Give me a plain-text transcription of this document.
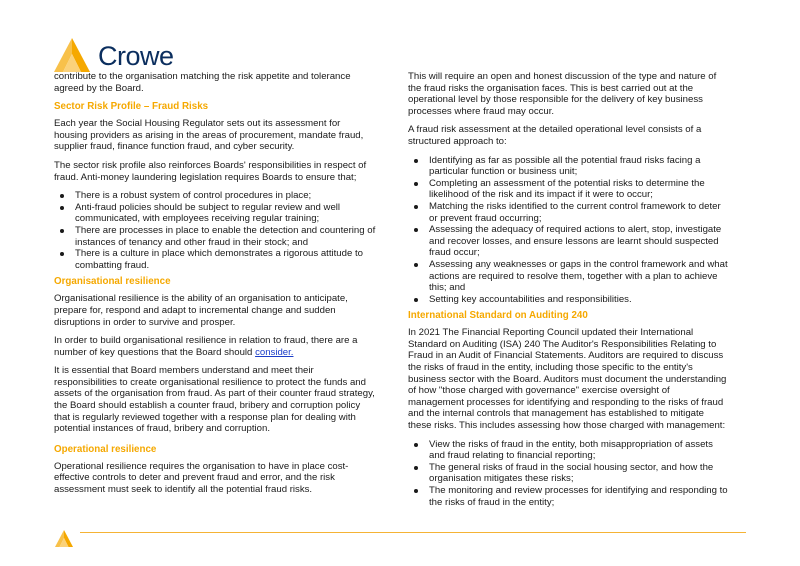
Crowe

contribute to the organisation matching the risk appetite and tolerance agreed by the Board.

Sector Risk Profile – Fraud Risks

Each year the Social Housing Regulator sets out its assessment for housing providers as arising in the areas of procurement, mandate fraud, supplier fraud, finance function fraud, and cyber security.

The sector risk profile also reinforces Boards' responsibilities in respect of fraud. Anti-money laundering legislation requires Boards to ensure that;

There is a robust system of control procedures in place;
Anti-fraud policies should be subject to regular review and well communicated, with employees receiving regular training;
There are processes in place to enable the detection and countering of instances of tenancy and other fraud in their stock; and
There is a culture in place which demonstrates a rigorous attitude to combatting fraud.
Organisational resilience

Organisational resilience is the ability of an organisation to anticipate, prepare for, respond and adapt to incremental change and sudden disruptions in order to survive and prosper.

In order to build organisational resilience in relation to fraud, there are a number of key questions that the Board should consider.

It is essential that Board members understand and meet their responsibilities to create organisational resilience to protect the funds and assets of the organisation from fraud. As part of their counter fraud strategy, the Board should establish a counter fraud, bribery and corruption policy that is regularly reviewed together with a response plan for dealing with potential instances of fraud, bribery and corruption.

Operational resilience

Operational resilience requires the organisation to have in place cost-effective controls to deter and prevent fraud and error, and the risk assessment must seek to identify all the potential fraud risks.

This will require an open and honest discussion of the type and nature of the fraud risks the organisation faces. This is best carried out at the operational level by those responsible for the delivery of key business processes where fraud may occur.

A fraud risk assessment at the detailed operational level consists of a structured approach to:

Identifying as far as possible all the potential fraud risks facing a particular function or business unit;
Completing an assessment of the potential risks to determine the likelihood of the risk and its impact if it were to occur;
Matching the risks identified to the current control framework to deter or prevent fraud occurring;
Assessing the adequacy of required actions to alert, stop, investigate and recover losses, and ensure lessons are learnt should suspected fraud occur;
Assessing any weaknesses or gaps in the control framework and what actions are required to resolve them, together with a plan to achieve this; and
Setting key accountabilities and responsibilities.
International Standard on Auditing 240

In 2021 The Financial Reporting Council updated their International Standard on Auditing (ISA) 240 The Auditor's Responsibilities Relating to Fraud in an Audit of Financial Statements. Auditors are required to discuss the risks of fraud in the entity, including those specific to the entity's business sector with the Board. Auditors must document the understanding of how "those charged with governance" exercise oversight of management processes for identifying and responding to the risks of fraud and the internal controls that management has established to mitigate these risks. This includes assessing how those charged with management:

View the risks of fraud in the entity, both misappropriation of assets and fraud relating to financial reporting;
The general risks of fraud in the social housing sector, and how the organisation mitigates these risks;
The monitoring and review processes for identifying and responding to the risks of fraud in the entity;
